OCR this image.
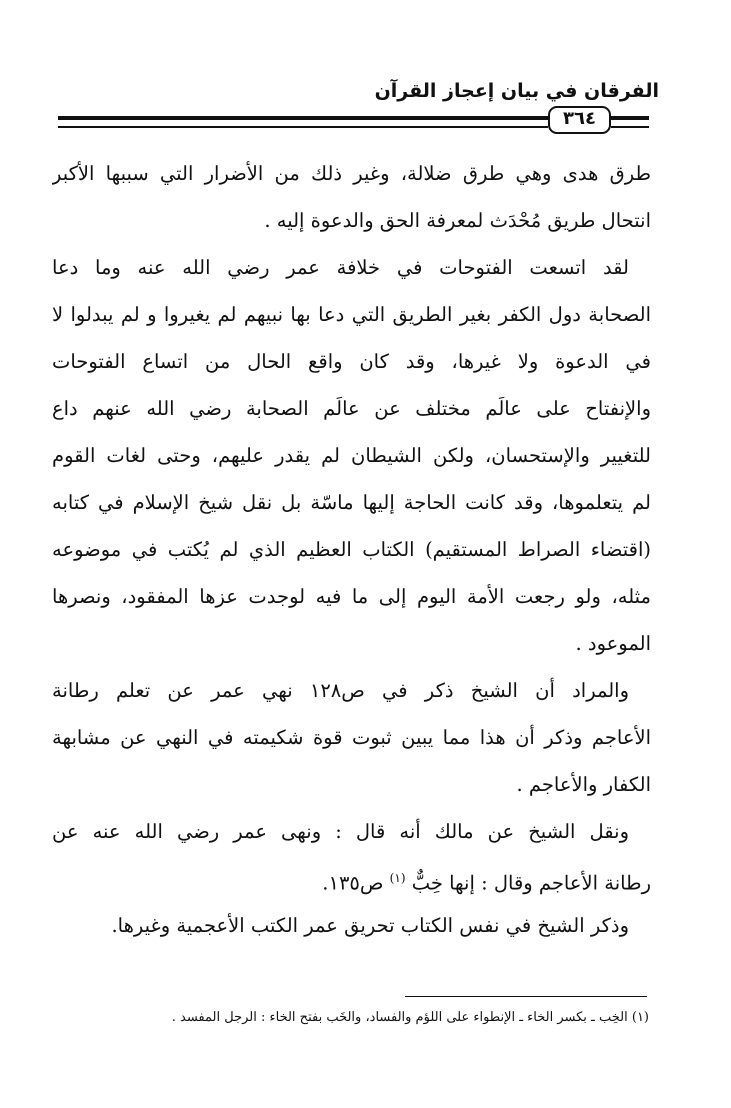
الفرقان في بيان إعجاز القرآن
٣٦٤
طرق هدى وهي طرق ضلالة، وغير ذلك من الأضرار التي سببها الأكبر
انتحال طريق مُحْدَث لمعرفة الحق والدعوة إليه .
لقد اتسعت الفتوحات في خلافة عمر رضي الله عنه وما دعا
الصحابة دول الكفر بغير الطريق التي دعا بها نبيهم لم يغيروا و لم يبدلوا لا
في الدعوة ولا غيرها، وقد كان واقع الحال من اتساع الفتوحات
والإنفتاح على عالَم مختلف عن عالَم الصحابة رضي الله عنهم داع
للتغيير والإستحسان، ولكن الشيطان لم يقدر عليهم، وحتى لغات القوم
لم يتعلموها، وقد كانت الحاجة إليها ماسّة بل نقل شيخ الإسلام في كتابه
(اقتضاء الصراط المستقيم) الكتاب العظيم الذي لم يُكتب في موضوعه
مثله، ولو رجعت الأمة اليوم إلى ما فيه لوجدت عزها المفقود، ونصرها
الموعود .
والمراد أن الشيخ ذكر في ص١٢٨ نهي عمر عن تعلم رطانة
الأعاجم وذكر أن هذا مما يبين ثبوت قوة شكيمته في النهي عن مشابهة
الكفار والأعاجم .
ونقل الشيخ عن مالك أنه قال : ونهى عمر رضي الله عنه عن
رطانة الأعاجم وقال : إنها خِبٌّ $^{(١)}$ ص١٣٥.
وذكر الشيخ في نفس الكتاب تحريق عمر الكتب الأعجمية وغيرها.
(١) الخِب ـ بكسر الخاء ـ الإنطواء على اللؤم والفساد، والخَب بفتح الخاء : الرجل المفسد .
